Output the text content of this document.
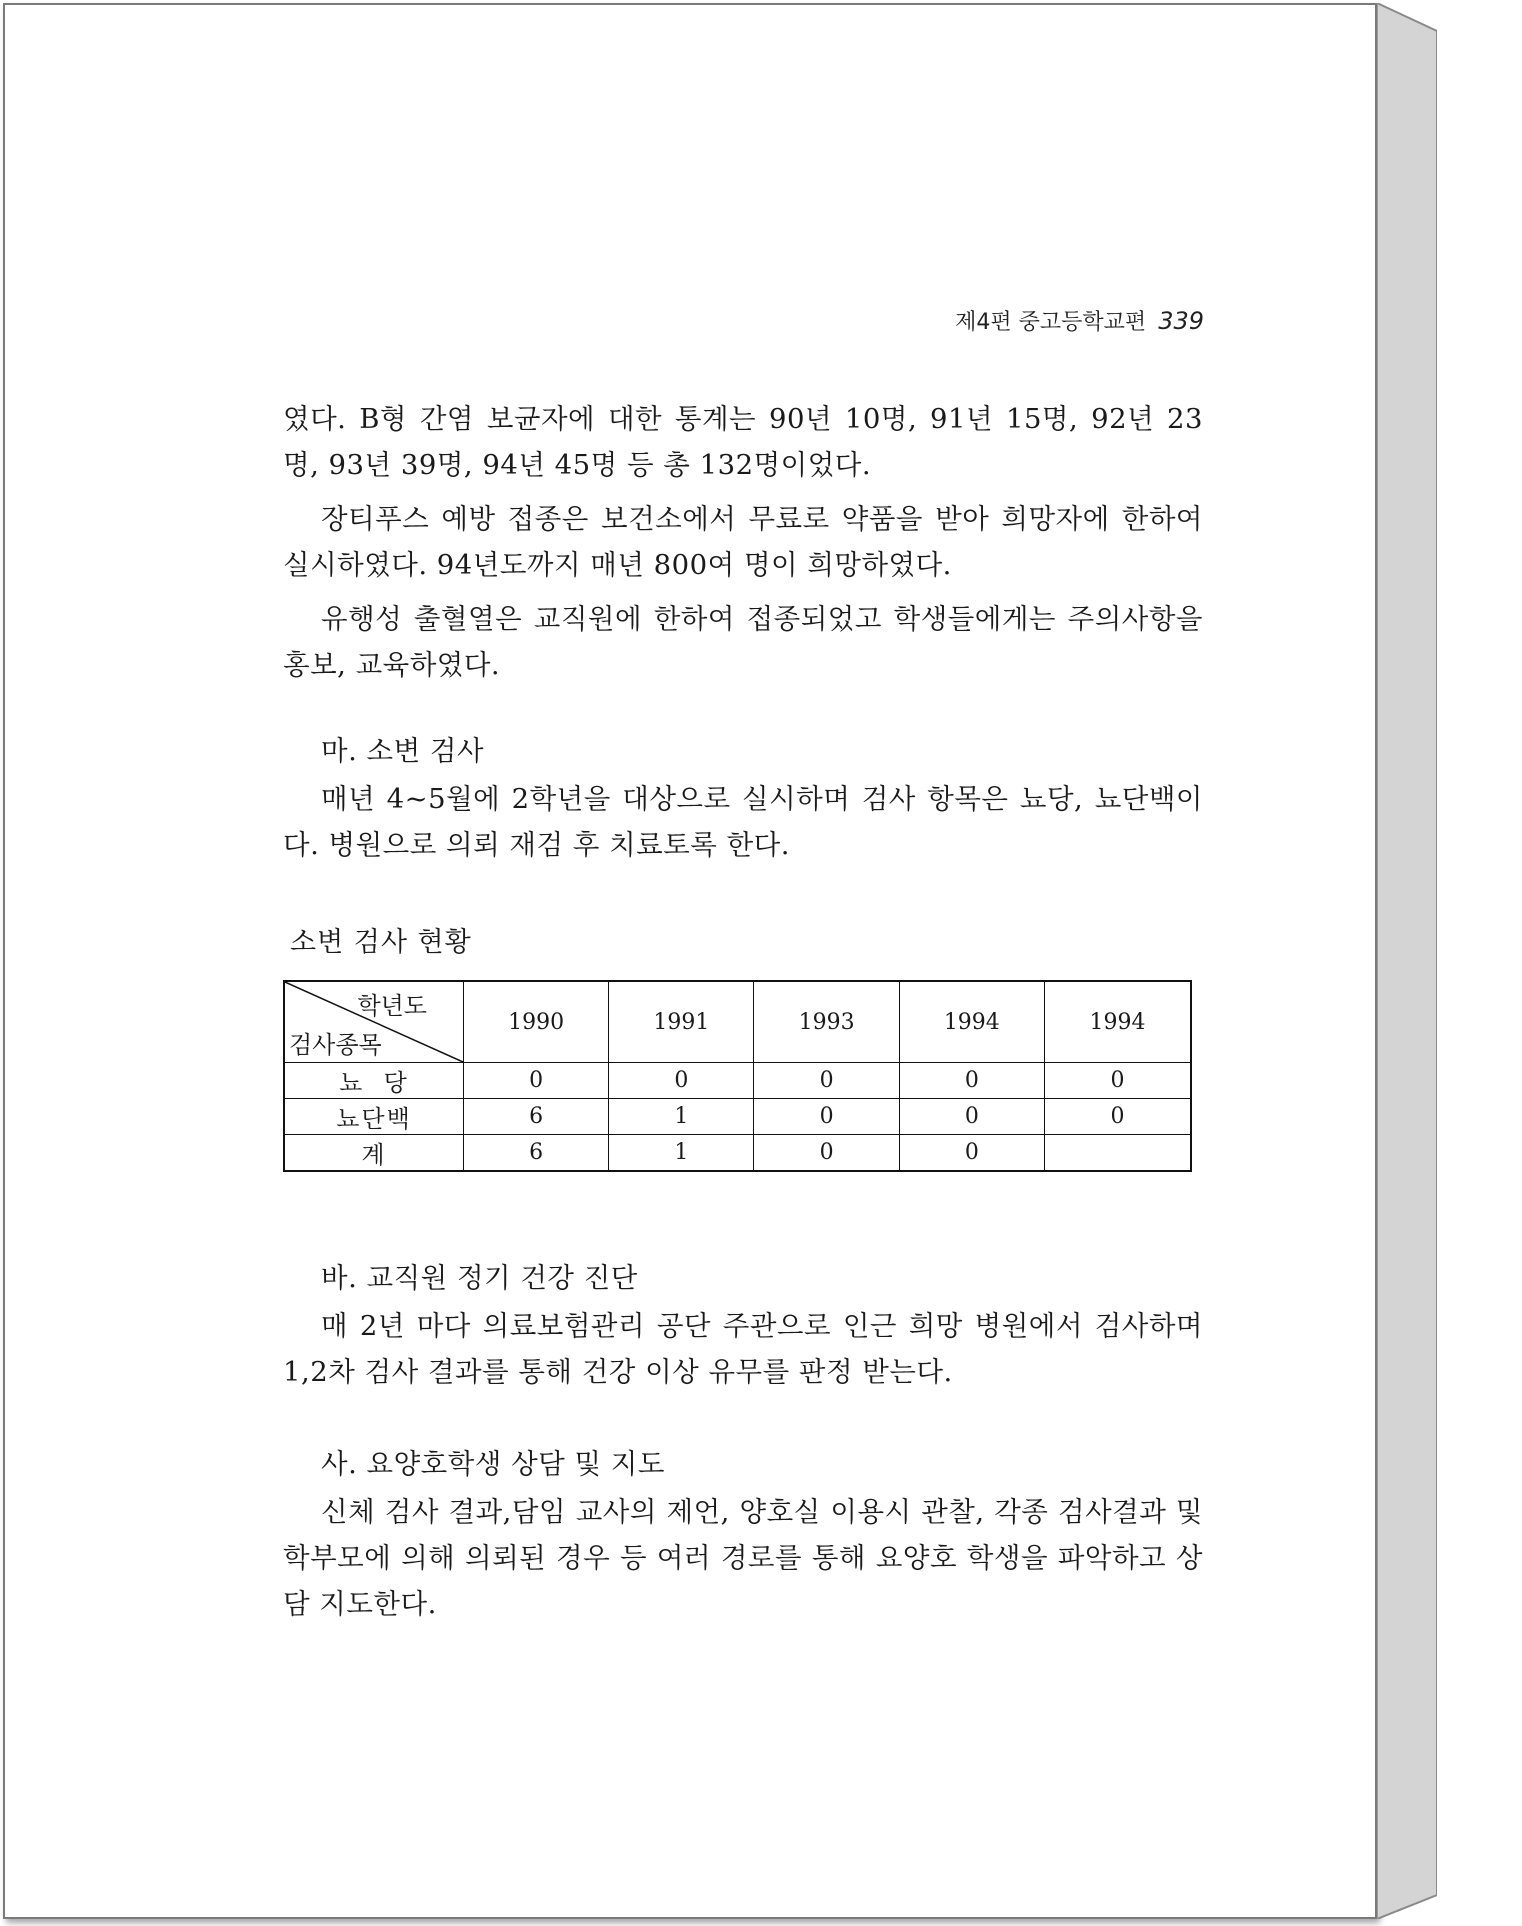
제4편 중고등학교편 339

였다. B형 간염 보균자에 대한 통계는 90년 10명, 91년 15명, 92년 23

명, 93년 39명, 94년 45명 등 총 132명이었다.

장티푸스 예방 접종은 보건소에서 무료로 약품을 받아 희망자에 한하여 실시하였다. 94년도까지 매년 800여 명이 희망하였다.

유행성 출혈열은 교직원에 한하여 접종되었고 학생들에게는 주의사항을 홍보, 교육하였다.

마. 소변 검사

매년 4~5월에 2학년을 대상으로 실시하며 검사 항목은 뇨당, 뇨단백이다. 병원으로 의뢰 재검 후 치료토록 한다.

소변 검사 현황
학년도
검사종목	1990	1991	1993	1994	1994
뇨  당	0	0	0	0	0
뇨단백	6	1	0	0	0
계	6	1	0	0	

바. 교직원 정기 건강 진단

매 2년 마다 의료보험관리 공단 주관으로 인근 희망 병원에서 검사하며 1,2차 검사 결과를 통해 건강 이상 유무를 판정 받는다.

사. 요양호학생 상담 및 지도

신체 검사 결과,담임 교사의 제언, 양호실 이용시 관찰, 각종 검사결과 및 학부모에 의해 의뢰된 경우 등 여러 경로를 통해 요양호 학생을 파악하고 상담 지도한다.
